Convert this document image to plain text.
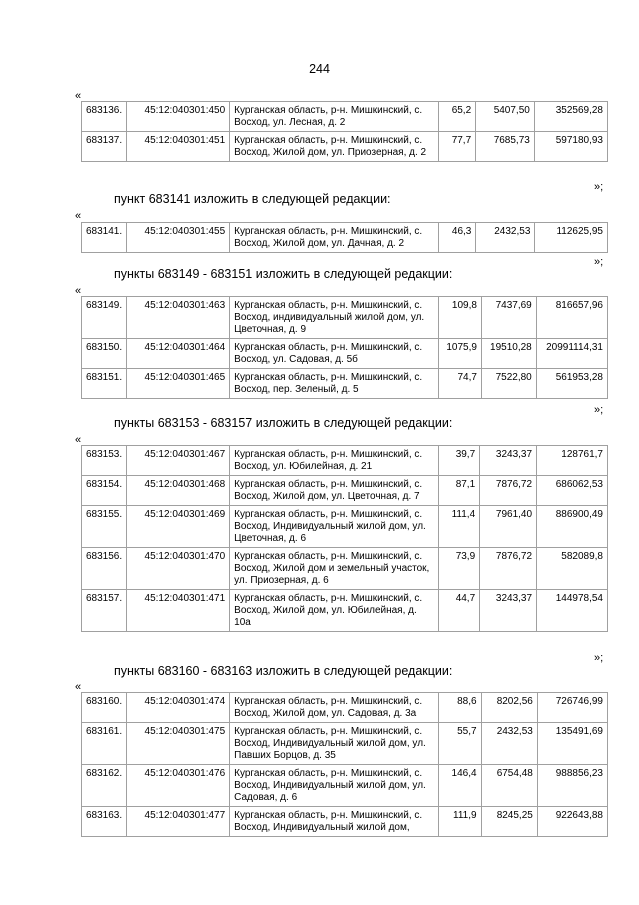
244
«
683136.	45:12:040301:450	Курганская область, р-н. Мишкинский, с. Восход, ул. Лесная, д. 2	65,2	5407,50	352569,28
683137.	45:12:040301:451	Курганская область, р-н. Мишкинский, с. Восход, Жилой дом, ул. Приозерная, д. 2	77,7	7685,73	597180,93
»;
пункт 683141 изложить в следующей редакции:
«
683141.	45:12:040301:455	Курганская область, р-н. Мишкинский, с. Восход, Жилой дом, ул. Дачная, д. 2	46,3	2432,53	112625,95
»;
пункты 683149 - 683151 изложить в следующей редакции:
«
683149.	45:12:040301:463	Курганская область, р-н. Мишкинский, с. Восход, индивидуальный жилой дом, ул. Цветочная, д. 9	109,8	7437,69	816657,96
683150.	45:12:040301:464	Курганская область, р-н. Мишкинский, с. Восход, ул. Садовая, д. 5б	1075,9	19510,28	20991114,31
683151.	45:12:040301:465	Курганская область, р-н. Мишкинский, с. Восход, пер. Зеленый, д. 5	74,7	7522,80	561953,28
»;
пункты 683153 - 683157 изложить в следующей редакции:
«
683153.	45:12:040301:467	Курганская область, р-н. Мишкинский, с. Восход, ул. Юбилейная, д. 21	39,7	3243,37	128761,7
683154.	45:12:040301:468	Курганская область, р-н. Мишкинский, с. Восход, Жилой дом, ул. Цветочная, д. 7	87,1	7876,72	686062,53
683155.	45:12:040301:469	Курганская область, р-н. Мишкинский, с. Восход, Индивидуальный жилой дом, ул. Цветочная, д. 6	111,4	7961,40	886900,49
683156.	45:12:040301:470	Курганская область, р-н. Мишкинский, с. Восход, Жилой дом и земельный участок, ул. Приозерная, д. 6	73,9	7876,72	582089,8
683157.	45:12:040301:471	Курганская область, р-н. Мишкинский, с. Восход, Жилой дом, ул. Юбилейная, д. 10а	44,7	3243,37	144978,54
»;
пункты 683160 - 683163 изложить в следующей редакции:
«
683160.	45:12:040301:474	Курганская область, р-н. Мишкинский, с. Восход, Жилой дом, ул. Садовая, д. 3а	88,6	8202,56	726746,99
683161.	45:12:040301:475	Курганская область, р-н. Мишкинский, с. Восход, Индивидуальный жилой дом, ул. Павших Борцов, д. 35	55,7	2432,53	135491,69
683162.	45:12:040301:476	Курганская область, р-н. Мишкинский, с. Восход, Индивидуальный жилой дом, ул. Садовая, д. 6	146,4	6754,48	988856,23
683163.	45:12:040301:477	Курганская область, р-н. Мишкинский, с. Восход, Индивидуальный жилой дом,	111,9	8245,25	922643,88
